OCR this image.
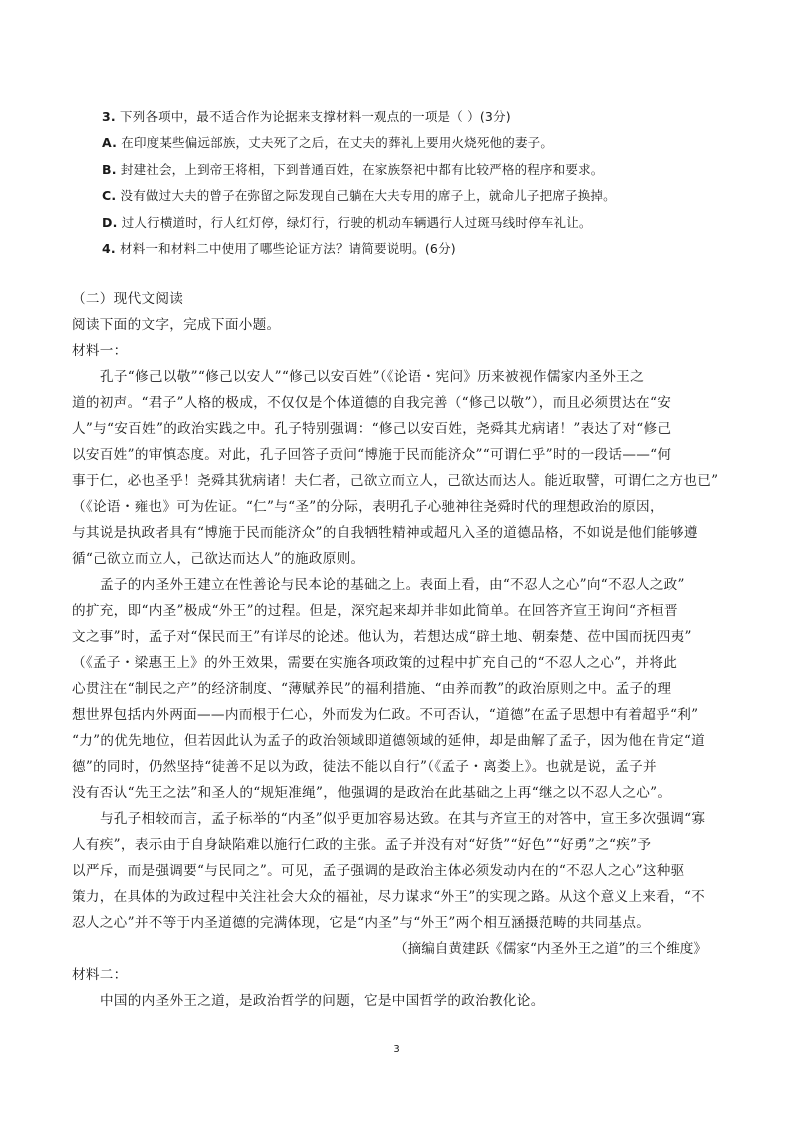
3. 下列各项中，最不适合作为论据来支撑材料一观点的一项是（ ）(3分)
A. 在印度某些偏远部族，丈夫死了之后，在丈夫的葬礼上要用火烧死他的妻子。
B. 封建社会，上到帝王将相，下到普通百姓，在家族祭祀中都有比较严格的程序和要求。
C. 没有做过大夫的曾子在弥留之际发现自己躺在大夫专用的席子上，就命儿子把席子换掉。
D. 过人行横道时，行人红灯停，绿灯行，行驶的机动车辆遇行人过斑马线时停车礼让。
4. 材料一和材料二中使用了哪些论证方法？请简要说明。(6分)
（二）现代文阅读
阅读下面的文字，完成下面小题。
材料一：
孔子“修己以敬”“修己以安人”“修己以安百姓”（《论语・宪问》历来被视作儒家内圣外王之
道的初声。“君子”人格的极成，不仅仅是个体道德的自我完善（“修己以敬”），而且必须贯达在“安
人”与“安百姓”的政治实践之中。孔子特别强调：“修己以安百姓，尧舜其尤病诸！”表达了对“修己
以安百姓”的审慎态度。对此，孔子回答子贡问“博施于民而能济众”“可谓仁乎”时的一段话——“何
事于仁，必也圣乎！尧舜其犹病诸！夫仁者，己欲立而立人，己欲达而达人。能近取譬，可谓仁之方也已”
（《论语・雍也》可为佐证。“仁”与“圣”的分际，表明孔子心驰神往尧舜时代的理想政治的原因，
与其说是执政者具有“博施于民而能济众”的自我牺牲精神或超凡入圣的道德品格，不如说是他们能够遵
循“己欲立而立人，己欲达而达人”的施政原则。
孟子的内圣外王建立在性善论与民本论的基础之上。表面上看，由“不忍人之心”向“不忍人之政”
的扩充，即“内圣”极成“外王”的过程。但是，深究起来却并非如此简单。在回答齐宣王询问“齐桓晋
文之事”时，孟子对“保民而王”有详尽的论述。他认为，若想达成“辟土地、朝秦楚、莅中国而抚四夷”
（《孟子・梁惠王上》的外王效果，需要在实施各项政策的过程中扩充自己的“不忍人之心”，并将此
心贯注在“制民之产”的经济制度、“薄赋养民”的福利措施、“由养而教”的政治原则之中。孟子的理
想世界包括内外两面——内而根于仁心，外而发为仁政。不可否认，“道德”在孟子思想中有着超乎“利”
“力”的优先地位，但若因此认为孟子的政治领域即道德领域的延伸，却是曲解了孟子，因为他在肯定“道
德”的同时，仍然坚持“徒善不足以为政，徒法不能以自行”（《孟子・离娄上》。也就是说，孟子并
没有否认“先王之法”和圣人的“规矩准绳”，他强调的是政治在此基础之上再“继之以不忍人之心”。
与孔子相较而言，孟子标举的“内圣”似乎更加容易达致。在其与齐宣王的对答中，宣王多次强调“寡
人有疾”，表示由于自身缺陷难以施行仁政的主张。孟子并没有对“好货”“好色”“好勇”之“疾”予
以严斥，而是强调要“与民同之”。可见，孟子强调的是政治主体必须发动内在的“不忍人之心”这种驱
策力，在具体的为政过程中关注社会大众的福祉，尽力谋求“外王”的实现之路。从这个意义上来看，“不
忍人之心”并不等于内圣道德的完满体现，它是“内圣”与“外王”两个相互涵摄范畴的共同基点。
（摘编自黄建跃《儒家“内圣外王之道”的三个维度》
材料二：
中国的内圣外王之道，是政治哲学的问题，它是中国哲学的政治教化论。
3
